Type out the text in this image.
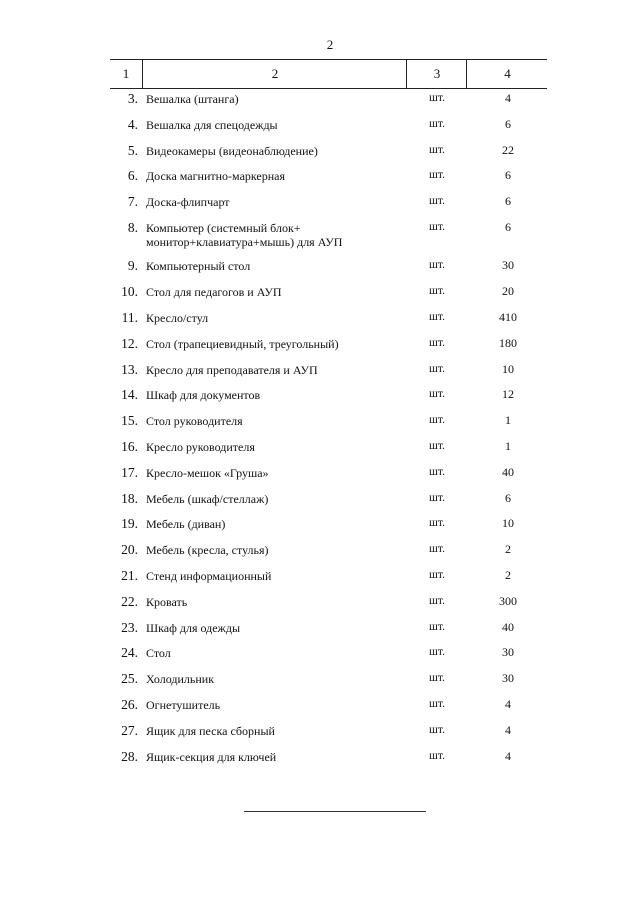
2
1	2	3	4
3. Вешалка (штанга)	шт.	4
4. Вешалка для спецодежды	шт.	6
5. Видеокамеры (видеонаблюдение)	шт.	22
6. Доска магнитно-маркерная	шт.	6
7. Доска-флипчарт	шт.	6
8. Компьютер (системный блок+
монитор+клавиатура+мышь) для АУП
шт.	6
9. Компьютерный стол	шт.	30
10. Стол для педагогов и АУП	шт.	20
11. Кресло/стул	шт.	410
12. Стол (трапециевидный, треугольный)	шт.	180
13. Кресло для преподавателя и АУП	шт.	10
14. Шкаф для документов	шт.	12
15. Стол руководителя	шт.	1
16. Кресло руководителя	шт.	1
17. Кресло-мешок «Груша»	шт.	40
18. Мебель (шкаф/стеллаж)	шт.	6
19. Мебель (диван)	шт.	10
20. Мебель (кресла, стулья)	шт.	2
21. Стенд информационный	шт.	2
22. Кровать	шт.	300
23. Шкаф для одежды	шт.	40
24. Стол	шт.	30
25. Холодильник	шт.	30
26. Огнетушитель	шт.	4
27. Ящик для песка сборный	шт.	4
28. Ящик-секция для ключей	шт.	4
